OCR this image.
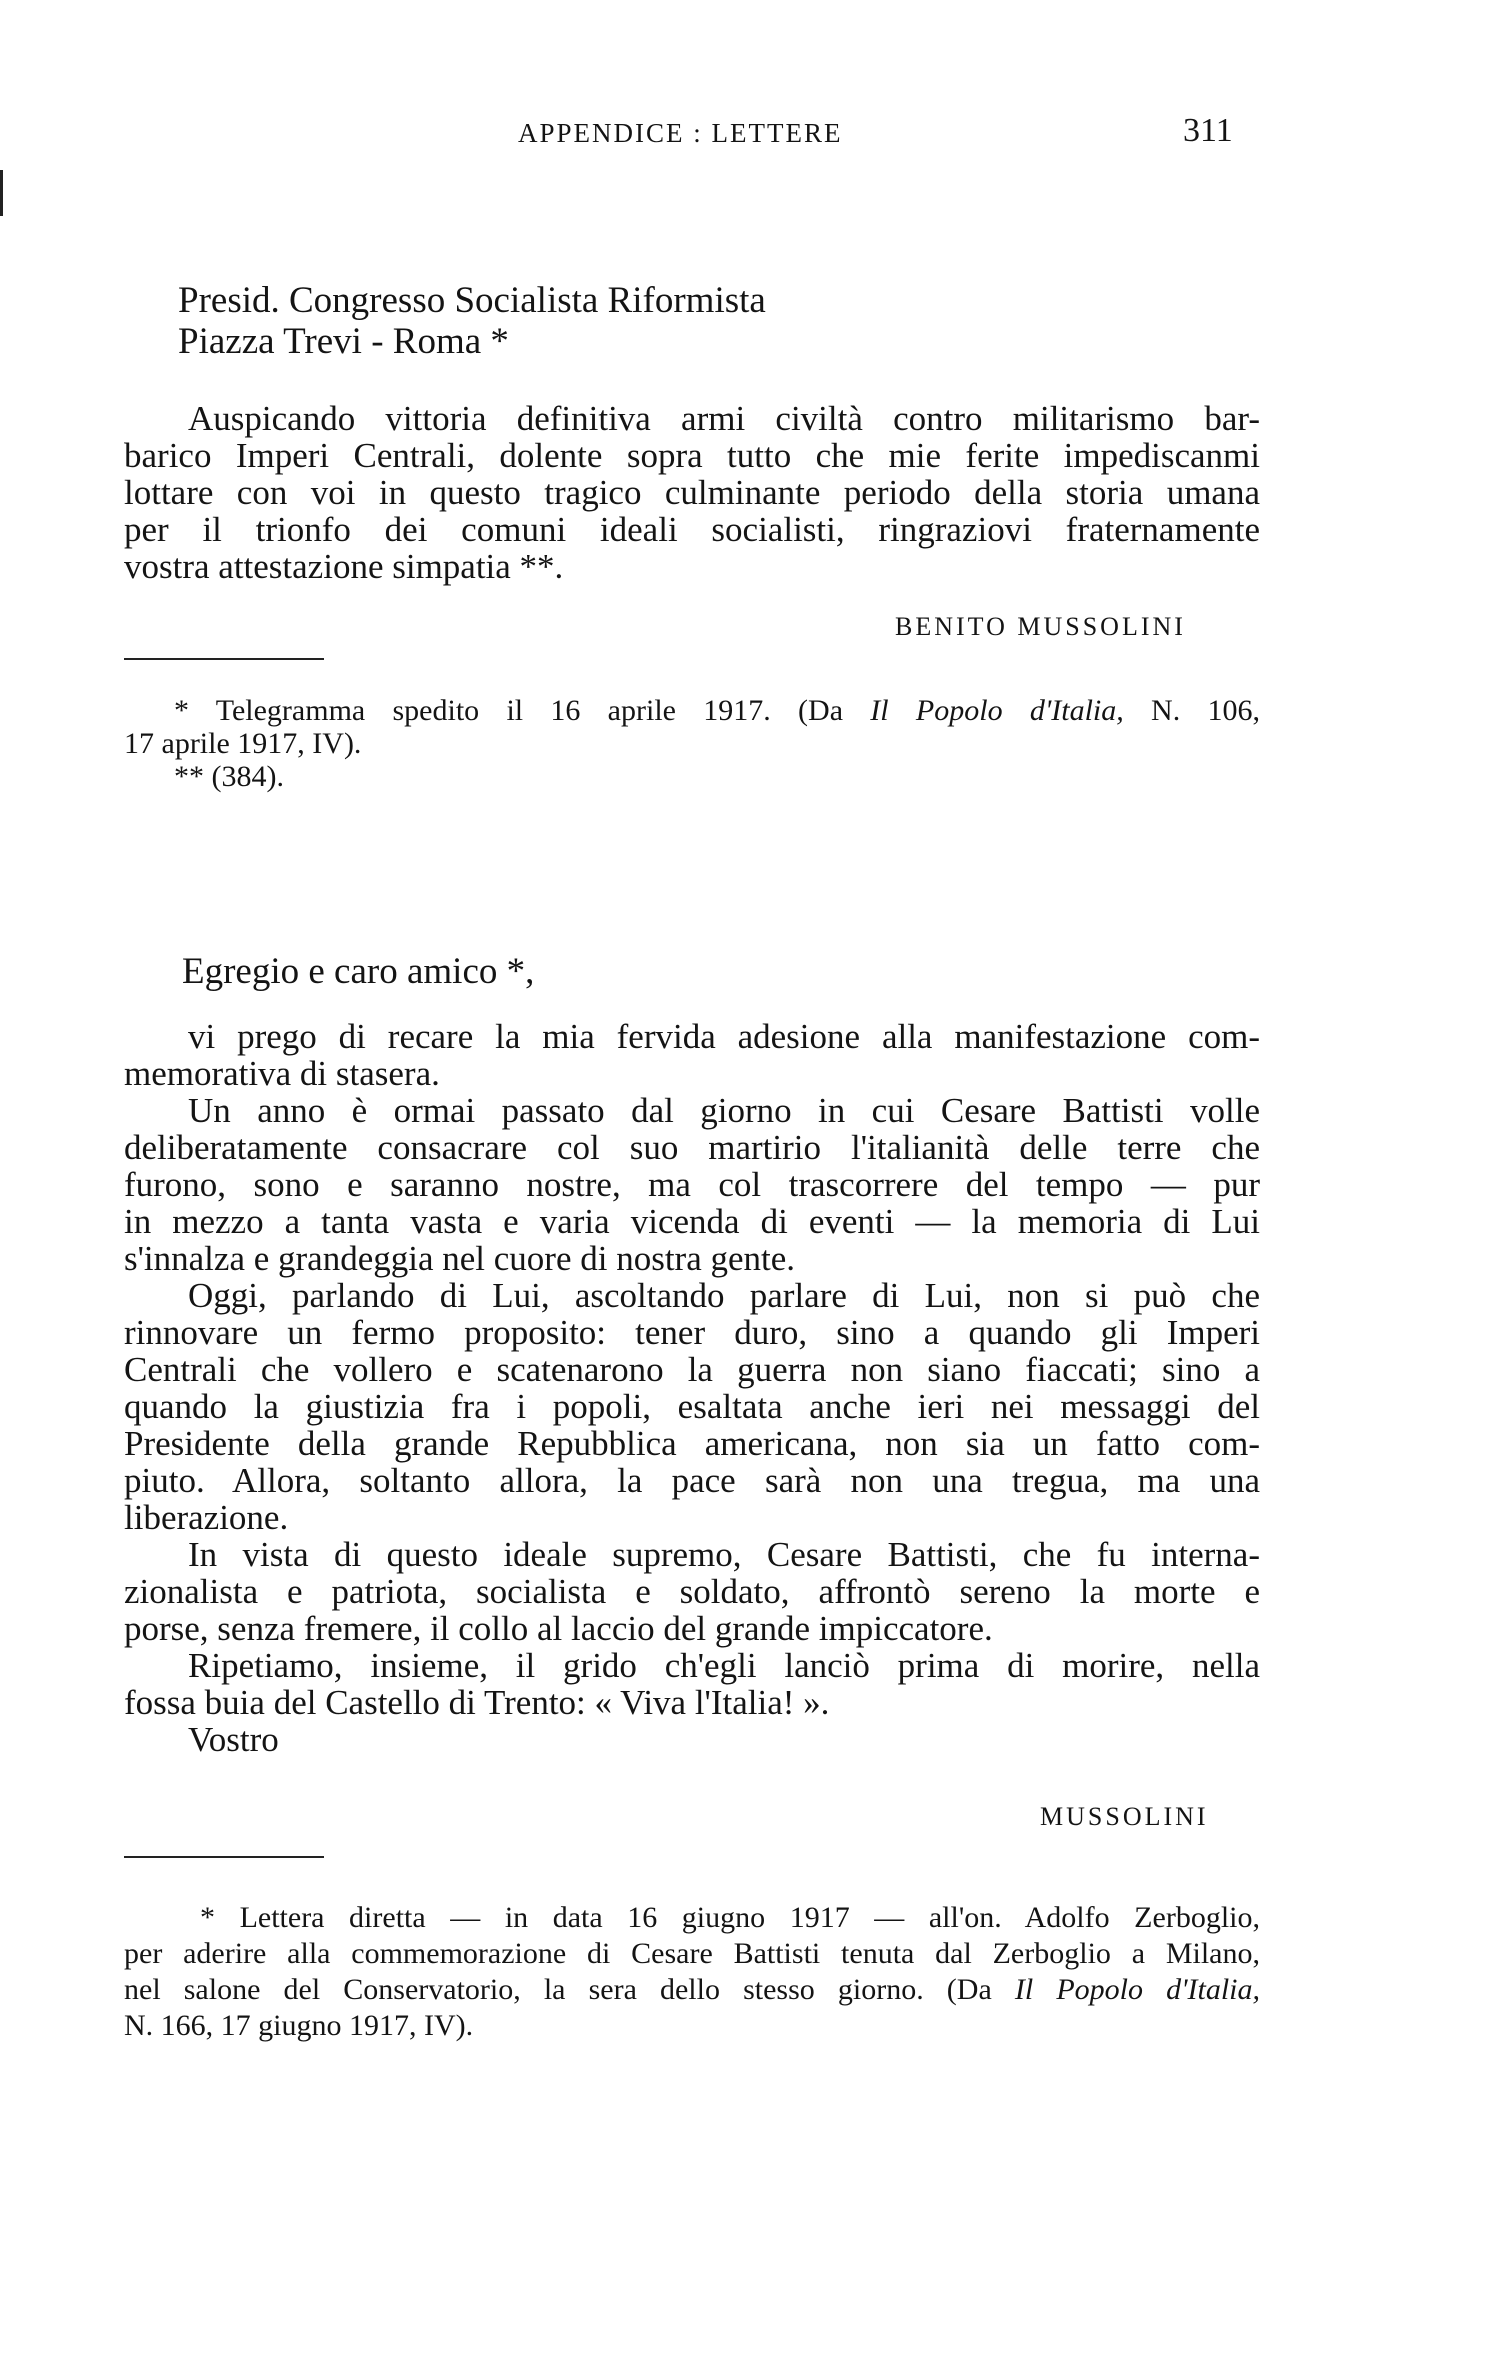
APPENDICE : LETTERE	311
Presid. Congresso Socialista Riformista
Piazza Trevi - Roma *
Auspicando vittoria definitiva armi civiltà contro militarismo bar-
barico Imperi Centrali, dolente sopra tutto che mie ferite impediscanmi
lottare con voi in questo tragico culminante periodo della storia umana
per il trionfo dei comuni ideali socialisti, ringraziovi fraternamente
vostra attestazione simpatia **.
BENITO MUSSOLINI
* Telegramma spedito il 16 aprile 1917. (Da Il Popolo d'Italia, N. 106,
17 aprile 1917, IV).
** (384).
Egregio e caro amico *,
vi prego di recare la mia fervida adesione alla manifestazione com-
memorativa di stasera.
Un anno è ormai passato dal giorno in cui Cesare Battisti volle
deliberatamente consacrare col suo martirio l'italianità delle terre che
furono, sono e saranno nostre, ma col trascorrere del tempo — pur
in mezzo a tanta vasta e varia vicenda di eventi — la memoria di Lui
s'innalza e grandeggia nel cuore di nostra gente.
Oggi, parlando di Lui, ascoltando parlare di Lui, non si può che
rinnovare un fermo proposito: tener duro, sino a quando gli Imperi
Centrali che vollero e scatenarono la guerra non siano fiaccati; sino a
quando la giustizia fra i popoli, esaltata anche ieri nei messaggi del
Presidente della grande Repubblica americana, non sia un fatto com-
piuto. Allora, soltanto allora, la pace sarà non una tregua, ma una
liberazione.
In vista di questo ideale supremo, Cesare Battisti, che fu interna-
zionalista e patriota, socialista e soldato, affrontò sereno la morte e
porse, senza fremere, il collo al laccio del grande impiccatore.
Ripetiamo, insieme, il grido ch'egli lanciò prima di morire, nella
fossa buia del Castello di Trento: « Viva l'Italia! ».
Vostro
MUSSOLINI
* Lettera diretta — in data 16 giugno 1917 — all'on. Adolfo Zerboglio,
per aderire alla commemorazione di Cesare Battisti tenuta dal Zerboglio a Milano,
nel salone del Conservatorio, la sera dello stesso giorno. (Da Il Popolo d'Italia,
N. 166, 17 giugno 1917, IV).
